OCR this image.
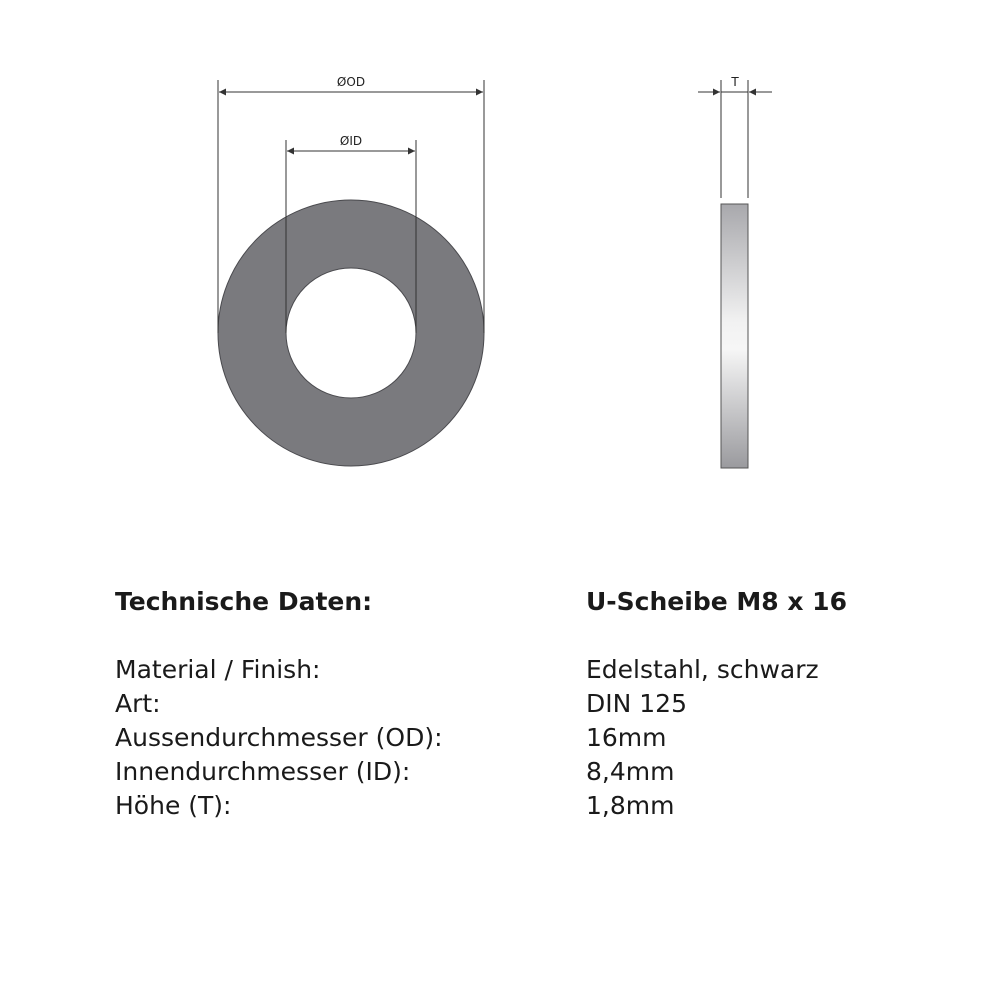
ØOD
ØID
T
Technische Daten:	U-Scheibe M8 x 16
Material / Finish:	Edelstahl, schwarz
Art:	DIN 125
Aussendurchmesser (OD):	16mm
Innendurchmesser (ID):	8,4mm
Höhe (T):	1,8mm
